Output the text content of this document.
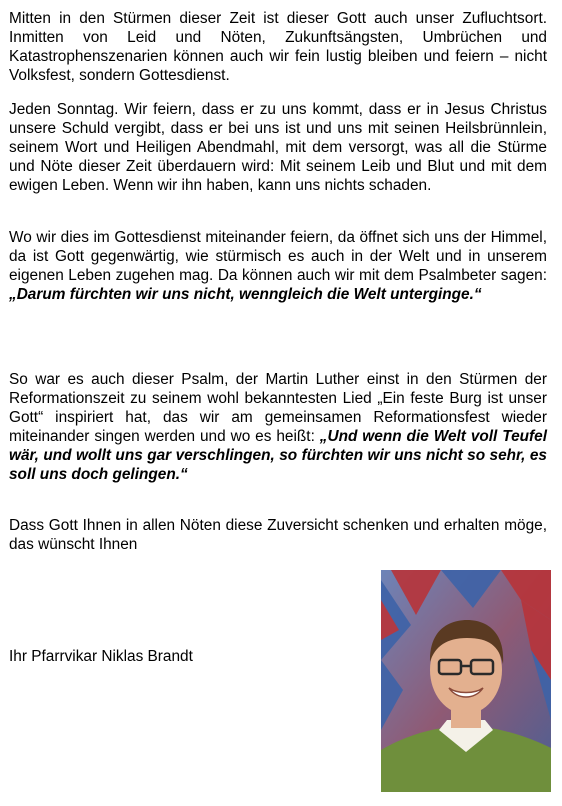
Mitten in den Stürmen dieser Zeit ist dieser Gott auch unser Zufluchtsort. Inmitten von Leid und Nöten, Zukunftsängsten, Umbrüchen und Katastrophenszenarien können auch wir fein lustig bleiben und feiern – nicht Volksfest, sondern Gottesdienst.

Jeden Sonntag. Wir feiern, dass er zu uns kommt, dass er in Jesus Christus unsere Schuld vergibt, dass er bei uns ist und uns mit seinen Heilsbrünnlein, seinem Wort und Heiligen Abendmahl, mit dem versorgt, was all die Stürme und Nöte dieser Zeit überdauern wird: Mit seinem Leib und Blut und mit dem ewigen Leben. Wenn wir ihn haben, kann uns nichts schaden.

Wo wir dies im Gottesdienst miteinander feiern, da öffnet sich uns der Himmel, da ist Gott gegenwärtig, wie stürmisch es auch in der Welt und in unserem eigenen Leben zugehen mag. Da können auch wir mit dem Psalmbeter sagen: „Darum fürchten wir uns nicht, wenngleich die Welt unterginge.“

So war es auch dieser Psalm, der Martin Luther einst in den Stürmen der Reformationszeit zu seinem wohl bekanntesten Lied „Ein feste Burg ist unser Gott“ inspiriert hat, das wir am gemeinsamen Reformationsfest wieder miteinander singen werden und wo es heißt: „Und wenn die Welt voll Teufel wär, und wollt uns gar verschlingen, so fürchten wir uns nicht so sehr, es soll uns doch gelingen.“

Dass Gott Ihnen in allen Nöten diese Zuversicht schenken und erhalten möge, das wünscht Ihnen

Ihr Pfarrvikar Niklas Brandt
